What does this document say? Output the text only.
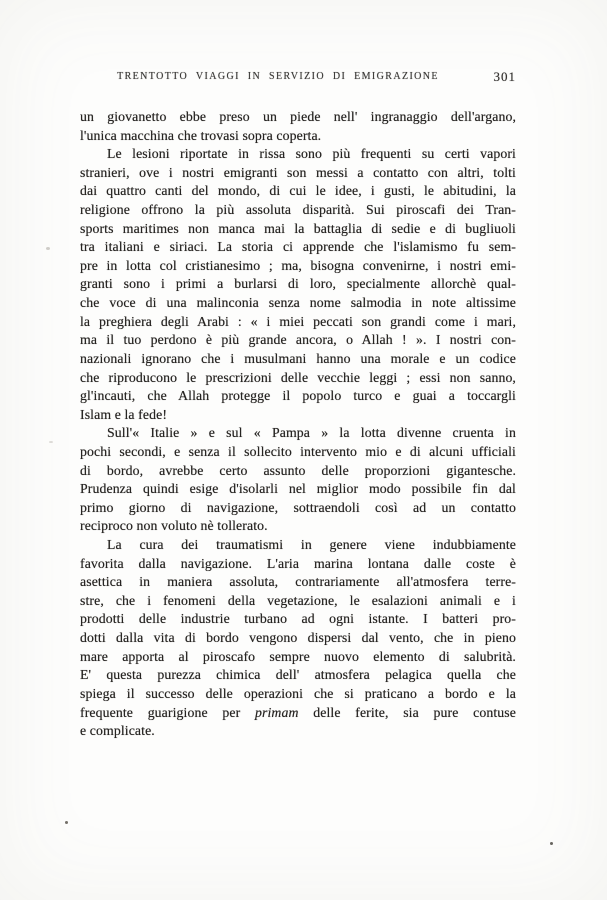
TRENTOTTO VIAGGI IN SERVIZIO DI EMIGRAZIONE	301
un giovanetto ebbe preso un piede nell' ingranaggio dell'argano,
l'unica macchina che trovasi sopra coperta.
Le lesioni riportate in rissa sono più frequenti su certi vapori
stranieri, ove i nostri emigranti son messi a contatto con altri, tolti
dai quattro canti del mondo, di cui le idee, i gusti, le abitudini, la
religione offrono la più assoluta disparità. Sui piroscafi dei Tran-
sports maritimes non manca mai la battaglia di sedie e di bugliuoli
tra italiani e siriaci. La storia ci apprende che l'islamismo fu sem-
pre in lotta col cristianesimo ; ma, bisogna convenirne, i nostri emi-
granti sono i primi a burlarsi di loro, specialmente allorchè qual-
che voce di una malinconia senza nome salmodia in note altissime
la preghiera degli Arabi : « i miei peccati son grandi come i mari,
ma il tuo perdono è più grande ancora, o Allah ! ». I nostri con-
nazionali ignorano che i musulmani hanno una morale e un codice
che riproducono le prescrizioni delle vecchie leggi ; essi non sanno,
gl'incauti, che Allah protegge il popolo turco e guai a toccargli
Islam e la fede!
Sull'« Italie » e sul « Pampa » la lotta divenne cruenta in
pochi secondi, e senza il sollecito intervento mio e di alcuni ufficiali
di bordo, avrebbe certo assunto delle proporzioni gigantesche.
Prudenza quindi esige d'isolarli nel miglior modo possibile fin dal
primo giorno di navigazione, sottraendoli così ad un contatto
reciproco non voluto nè tollerato.
La cura dei traumatismi in genere viene indubbiamente
favorita dalla navigazione. L'aria marina lontana dalle coste è
asettica in maniera assoluta, contrariamente all'atmosfera terre-
stre, che i fenomeni della vegetazione, le esalazioni animali e i
prodotti delle industrie turbano ad ogni istante. I batteri pro-
dotti dalla vita di bordo vengono dispersi dal vento, che in pieno
mare apporta al piroscafo sempre nuovo elemento di salubrità.
E' questa purezza chimica dell' atmosfera pelagica quella che
spiega il successo delle operazioni che si praticano a bordo e la
frequente guarigione per primam delle ferite, sia pure contuse
e complicate.
